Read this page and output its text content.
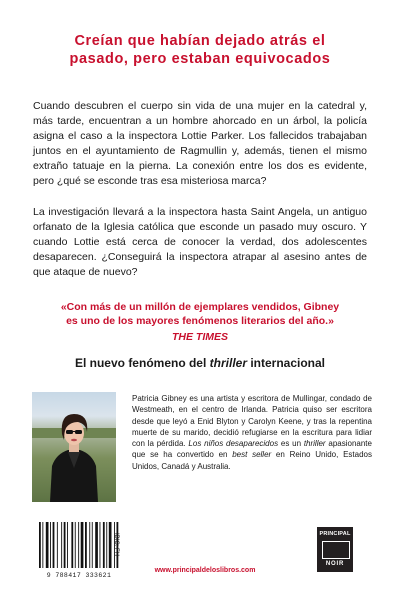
Creían que habían dejado atrás el
pasado, pero estaban equivocados

Cuando descubren el cuerpo sin vida de una mujer en la catedral y, más tarde, encuentran a un hombre ahorcado en un árbol, la policía asigna el caso a la inspectora Lottie Parker. Los fallecidos trabajaban juntos en el ayuntamiento de Ragmullin y, además, tienen el mismo extraño tatuaje en la pierna. La conexión entre los dos es evidente, pero ¿qué se esconde tras esa misteriosa marca?

La investigación llevará a la inspectora hasta Saint Angela, un antiguo orfanato de la Iglesia católica que esconde un pasado muy oscuro. Y cuando Lottie está cerca de conocer la verdad, dos adolescentes desaparecen. ¿Conseguirá la inspectora atrapar al asesino antes de que ataque de nuevo?

«Con más de un millón de ejemplares vendidos, Gibney
es uno de los mayores fenómenos literarios del año.»
THE TIMES
El nuevo fenómeno del thriller internacional

Patricia Gibney es una artista y escritora de Mullingar, condado de Westmeath, en el centro de Irlanda. Patricia quiso ser escritora desde que leyó a Enid Blyton y Carolyn Keene, y tras la repentina muerte de su marido, decidió refugiarse en la escritura para lidiar con la pérdida. Los niños desaparecidos es un thriller apasionante que se ha convertido en best seller en Reino Unido, Estados Unidos, Canadá y Australia.

9 788417 333621
IBIC: FH
www.principaldeloslibros.com
PRINCIPAL
NOIR
